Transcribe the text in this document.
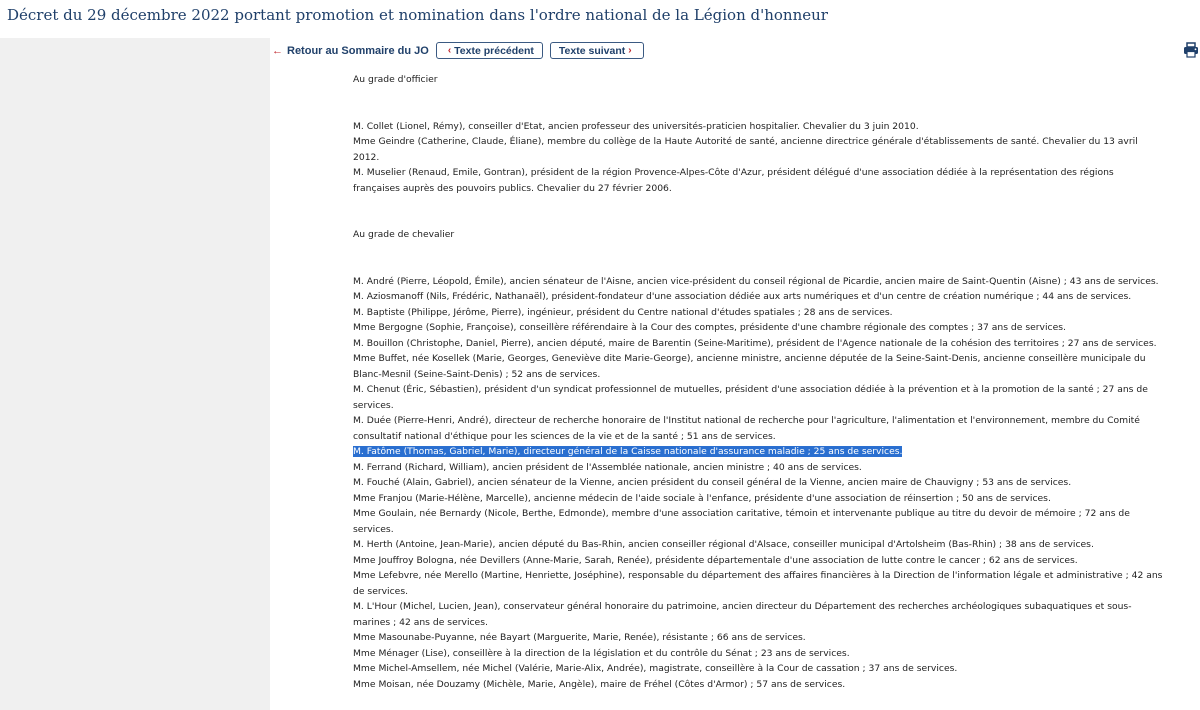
Décret du 29 décembre 2022 portant promotion et nomination dans l'ordre national de la Légion d'honneur
← Retour au Sommaire du JO ‹ Texte précédent Texte suivant ›

Au grade d'officier

M. Collet (Lionel, Rémy), conseiller d'Etat, ancien professeur des universités-praticien hospitalier. Chevalier du 3 juin 2010.
Mme Geindre (Catherine, Claude, Éliane), membre du collège de la Haute Autorité de santé, ancienne directrice générale d'établissements de santé. Chevalier du 13 avril 2012.
M. Muselier (Renaud, Emile, Gontran), président de la région Provence-Alpes-Côte d'Azur, président délégué d'une association dédiée à la représentation des régions françaises auprès des pouvoirs publics. Chevalier du 27 février 2006.

Au grade de chevalier

M. André (Pierre, Léopold, Émile), ancien sénateur de l'Aisne, ancien vice-président du conseil régional de Picardie, ancien maire de Saint-Quentin (Aisne) ; 43 ans de services.
M. Aziosmanoff (Nils, Frédéric, Nathanaël), président-fondateur d'une association dédiée aux arts numériques et d'un centre de création numérique ; 44 ans de services.
M. Baptiste (Philippe, Jérôme, Pierre), ingénieur, président du Centre national d'études spatiales ; 28 ans de services.
Mme Bergogne (Sophie, Françoise), conseillère référendaire à la Cour des comptes, présidente d'une chambre régionale des comptes ; 37 ans de services.
M. Bouillon (Christophe, Daniel, Pierre), ancien député, maire de Barentin (Seine-Maritime), président de l'Agence nationale de la cohésion des territoires ; 27 ans de services.
Mme Buffet, née Kosellek (Marie, Georges, Geneviève dite Marie-George), ancienne ministre, ancienne députée de la Seine-Saint-Denis, ancienne conseillère municipale du Blanc-Mesnil (Seine-Saint-Denis) ; 52 ans de services.
M. Chenut (Éric, Sébastien), président d'un syndicat professionnel de mutuelles, président d'une association dédiée à la prévention et à la promotion de la santé ; 27 ans de services.
M. Duée (Pierre-Henri, André), directeur de recherche honoraire de l'Institut national de recherche pour l'agriculture, l'alimentation et l'environnement, membre du Comité consultatif national d'éthique pour les sciences de la vie et de la santé ; 51 ans de services.
M. Fatôme (Thomas, Gabriel, Marie), directeur général de la Caisse nationale d'assurance maladie ; 25 ans de services.

M. Ferrand (Richard, William), ancien président de l'Assemblée nationale, ancien ministre ; 40 ans de services.
M. Fouché (Alain, Gabriel), ancien sénateur de la Vienne, ancien président du conseil général de la Vienne, ancien maire de Chauvigny ; 53 ans de services.
Mme Franjou (Marie-Hélène, Marcelle), ancienne médecin de l'aide sociale à l'enfance, présidente d'une association de réinsertion ; 50 ans de services.
Mme Goulain, née Bernardy (Nicole, Berthe, Edmonde), membre d'une association caritative, témoin et intervenante publique au titre du devoir de mémoire ; 72 ans de services.
M. Herth (Antoine, Jean-Marie), ancien député du Bas-Rhin, ancien conseiller régional d'Alsace, conseiller municipal d'Artolsheim (Bas-Rhin) ; 38 ans de services.
Mme Jouffroy Bologna, née Devillers (Anne-Marie, Sarah, Renée), présidente départementale d'une association de lutte contre le cancer ; 62 ans de services.
Mme Lefebvre, née Merello (Martine, Henriette, Joséphine), responsable du département des affaires financières à la Direction de l'information légale et administrative ; 42 ans de services.
M. L'Hour (Michel, Lucien, Jean), conservateur général honoraire du patrimoine, ancien directeur du Département des recherches archéologiques subaquatiques et sous-marines ; 42 ans de services.
Mme Masounabe-Puyanne, née Bayart (Marguerite, Marie, Renée), résistante ; 66 ans de services.
Mme Ménager (Lise), conseillère à la direction de la législation et du contrôle du Sénat ; 23 ans de services.
Mme Michel-Amsellem, née Michel (Valérie, Marie-Alix, Andrée), magistrate, conseillère à la Cour de cassation ; 37 ans de services.
Mme Moisan, née Douzamy (Michèle, Marie, Angèle), maire de Fréhel (Côtes d'Armor) ; 57 ans de services.
